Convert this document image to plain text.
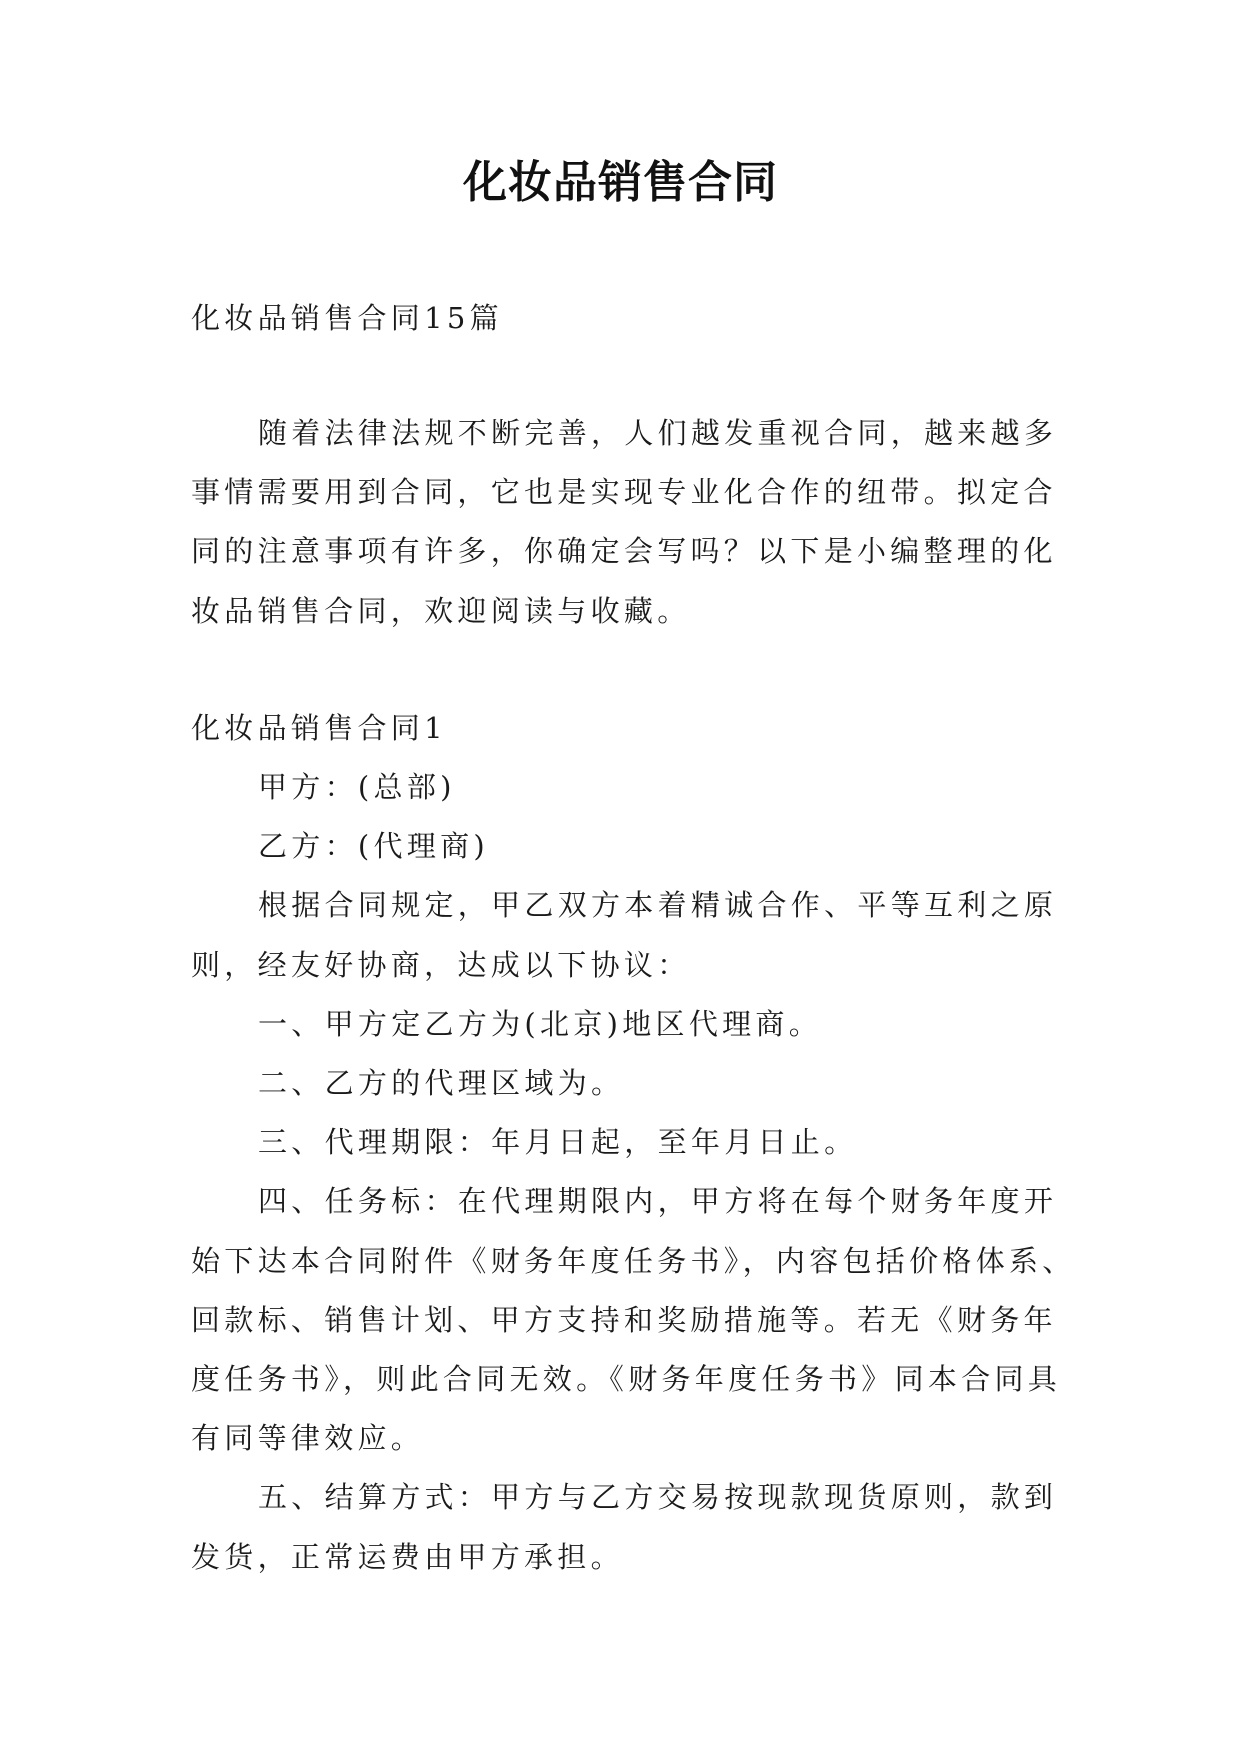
化妆品销售合同
化妆品销售合同15篇
随着法律法规不断完善，人们越发重视合同，越来越多
事情需要用到合同，它也是实现专业化合作的纽带。拟定合
同的注意事项有许多，你确定会写吗？以下是小编整理的化
妆品销售合同，欢迎阅读与收藏。
化妆品销售合同1
甲方：(总部)
乙方：(代理商)
根据合同规定，甲乙双方本着精诚合作、平等互利之原
则，经友好协商，达成以下协议：
一、甲方定乙方为(北京)地区代理商。
二、乙方的代理区域为。
三、代理期限：年月日起，至年月日止。
四、任务标：在代理期限内，甲方将在每个财务年度开
始下达本合同附件《财务年度任务书》，内容包括价格体系、
回款标、销售计划、甲方支持和奖励措施等。若无《财务年
度任务书》，则此合同无效。《财务年度任务书》同本合同具
有同等律效应。
五、结算方式：甲方与乙方交易按现款现货原则，款到
发货，正常运费由甲方承担。
